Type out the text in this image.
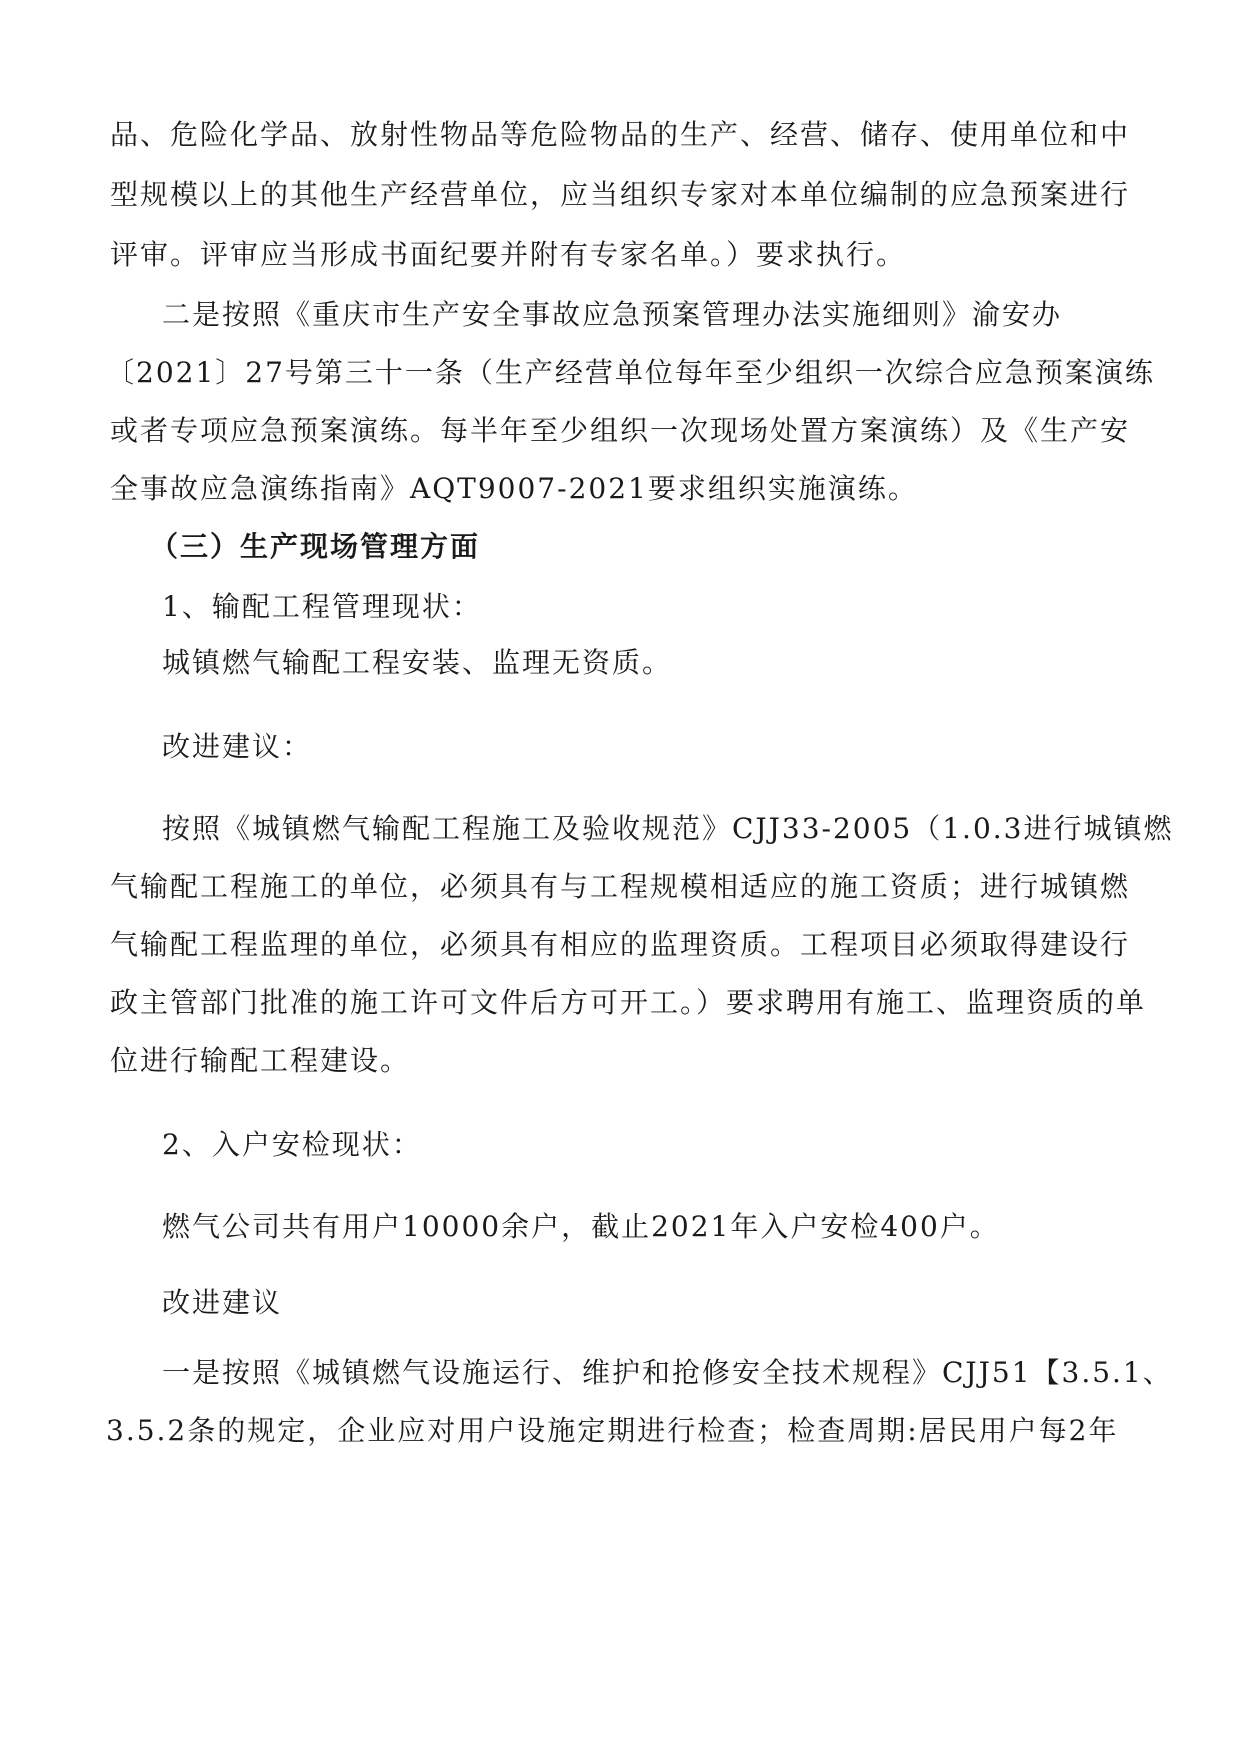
品、危险化学品、放射性物品等危险物品的生产、经营、储存、使用单位和中

型规模以上的其他生产经营单位，应当组织专家对本单位编制的应急预案进行

评审。评审应当形成书面纪要并附有专家名单。）要求执行。

二是按照《重庆市生产安全事故应急预案管理办法实施细则》渝安办

〔2021〕27号第三十一条（生产经营单位每年至少组织一次综合应急预案演练

或者专项应急预案演练。每半年至少组织一次现场处置方案演练）及《生产安

全事故应急演练指南》AQT9007-2021要求组织实施演练。

（三）生产现场管理方面

1、输配工程管理现状：

城镇燃气输配工程安装、监理无资质。

改进建议：

按照《城镇燃气输配工程施工及验收规范》CJJ33-2005（1.0.3进行城镇燃

气输配工程施工的单位，必须具有与工程规模相适应的施工资质；进行城镇燃

气输配工程监理的单位，必须具有相应的监理资质。工程项目必须取得建设行

政主管部门批准的施工许可文件后方可开工。）要求聘用有施工、监理资质的单

位进行输配工程建设。

2、入户安检现状：

燃气公司共有用户10000余户，截止2021年入户安检400户。

改进建议

一是按照《城镇燃气设施运行、维护和抢修安全技术规程》CJJ51【3.5.1、

3.5.2条的规定，企业应对用户设施定期进行检查；检查周期:居民用户每2年
